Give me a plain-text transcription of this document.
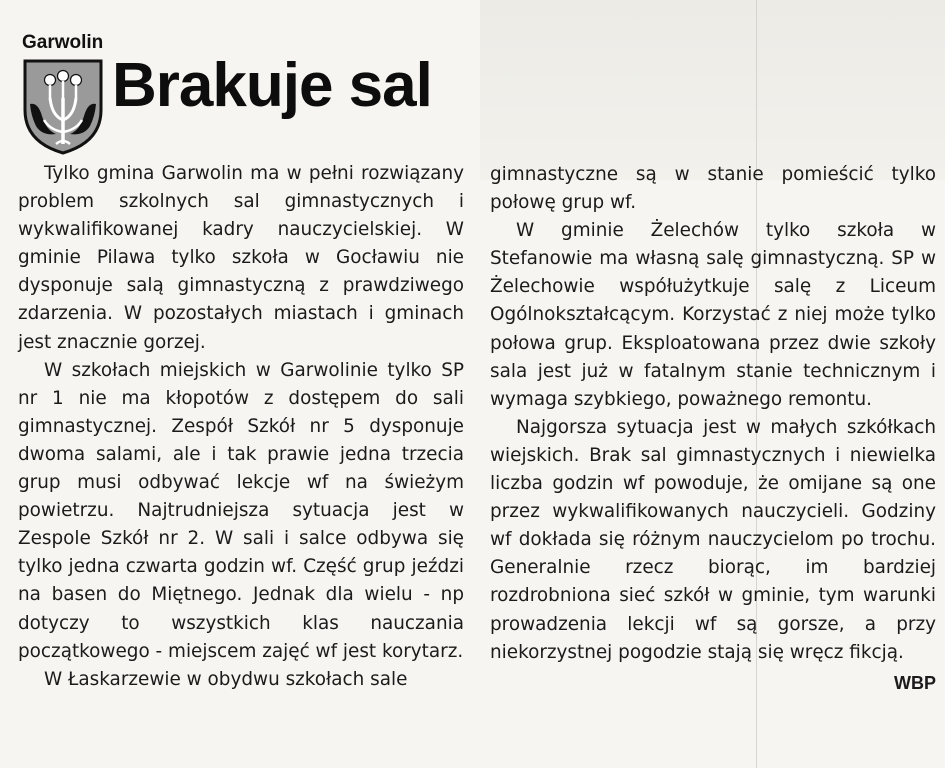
Garwolin
Brakuje sal

Tylko gmina Garwolin ma w pełni rozwiązany problem szkolnych sal gimnastycznych i wykwalifikowanej kadry nauczycielskiej. W gminie Pilawa tylko szkoła w Gocławiu nie dysponuje salą gimnastyczną z prawdziwego zdarzenia. W pozostałych miastach i gminach jest znacznie gorzej.

W szkołach miejskich w Garwolinie tylko SP nr 1 nie ma kłopotów z dostępem do sali gimnastycznej. Zespół Szkół nr 5 dysponuje dwoma salami, ale i tak prawie jedna trzecia grup musi odbywać lekcje wf na świeżym powietrzu. Najtrudniejsza sytuacja jest w Zespole Szkół nr 2. W sali i salce odbywa się tylko jedna czwarta godzin wf. Część grup jeździ na basen do Miętnego. Jednak dla wielu - np dotyczy to wszystkich klas nauczania początkowego - miejscem zajęć wf jest korytarz.

W Łaskarzewie w obydwu szkołach sale

gimnastyczne są w stanie pomieścić tylko połowę grup wf.

W gminie Żelechów tylko szkoła w Stefanowie ma własną salę gimnastyczną. SP w Żelechowie współużytkuje salę z Liceum Ogólnokształcącym. Korzystać z niej może tylko połowa grup. Eksploatowana przez dwie szkoły sala jest już w fatalnym stanie technicznym i wymaga szybkiego, poważnego remontu.

Najgorsza sytuacja jest w małych szkółkach wiejskich. Brak sal gimnastycznych i niewielka liczba godzin wf powoduje, że omijane są one przez wykwalifikowanych nauczycieli. Godziny wf dokłada się różnym nauczycielom po trochu. Generalnie rzecz biorąc, im bardziej rozdrobniona sieć szkół w gminie, tym warunki prowadzenia lekcji wf są gorsze, a przy niekorzystnej pogodzie stają się wręcz fikcją.

WBP
